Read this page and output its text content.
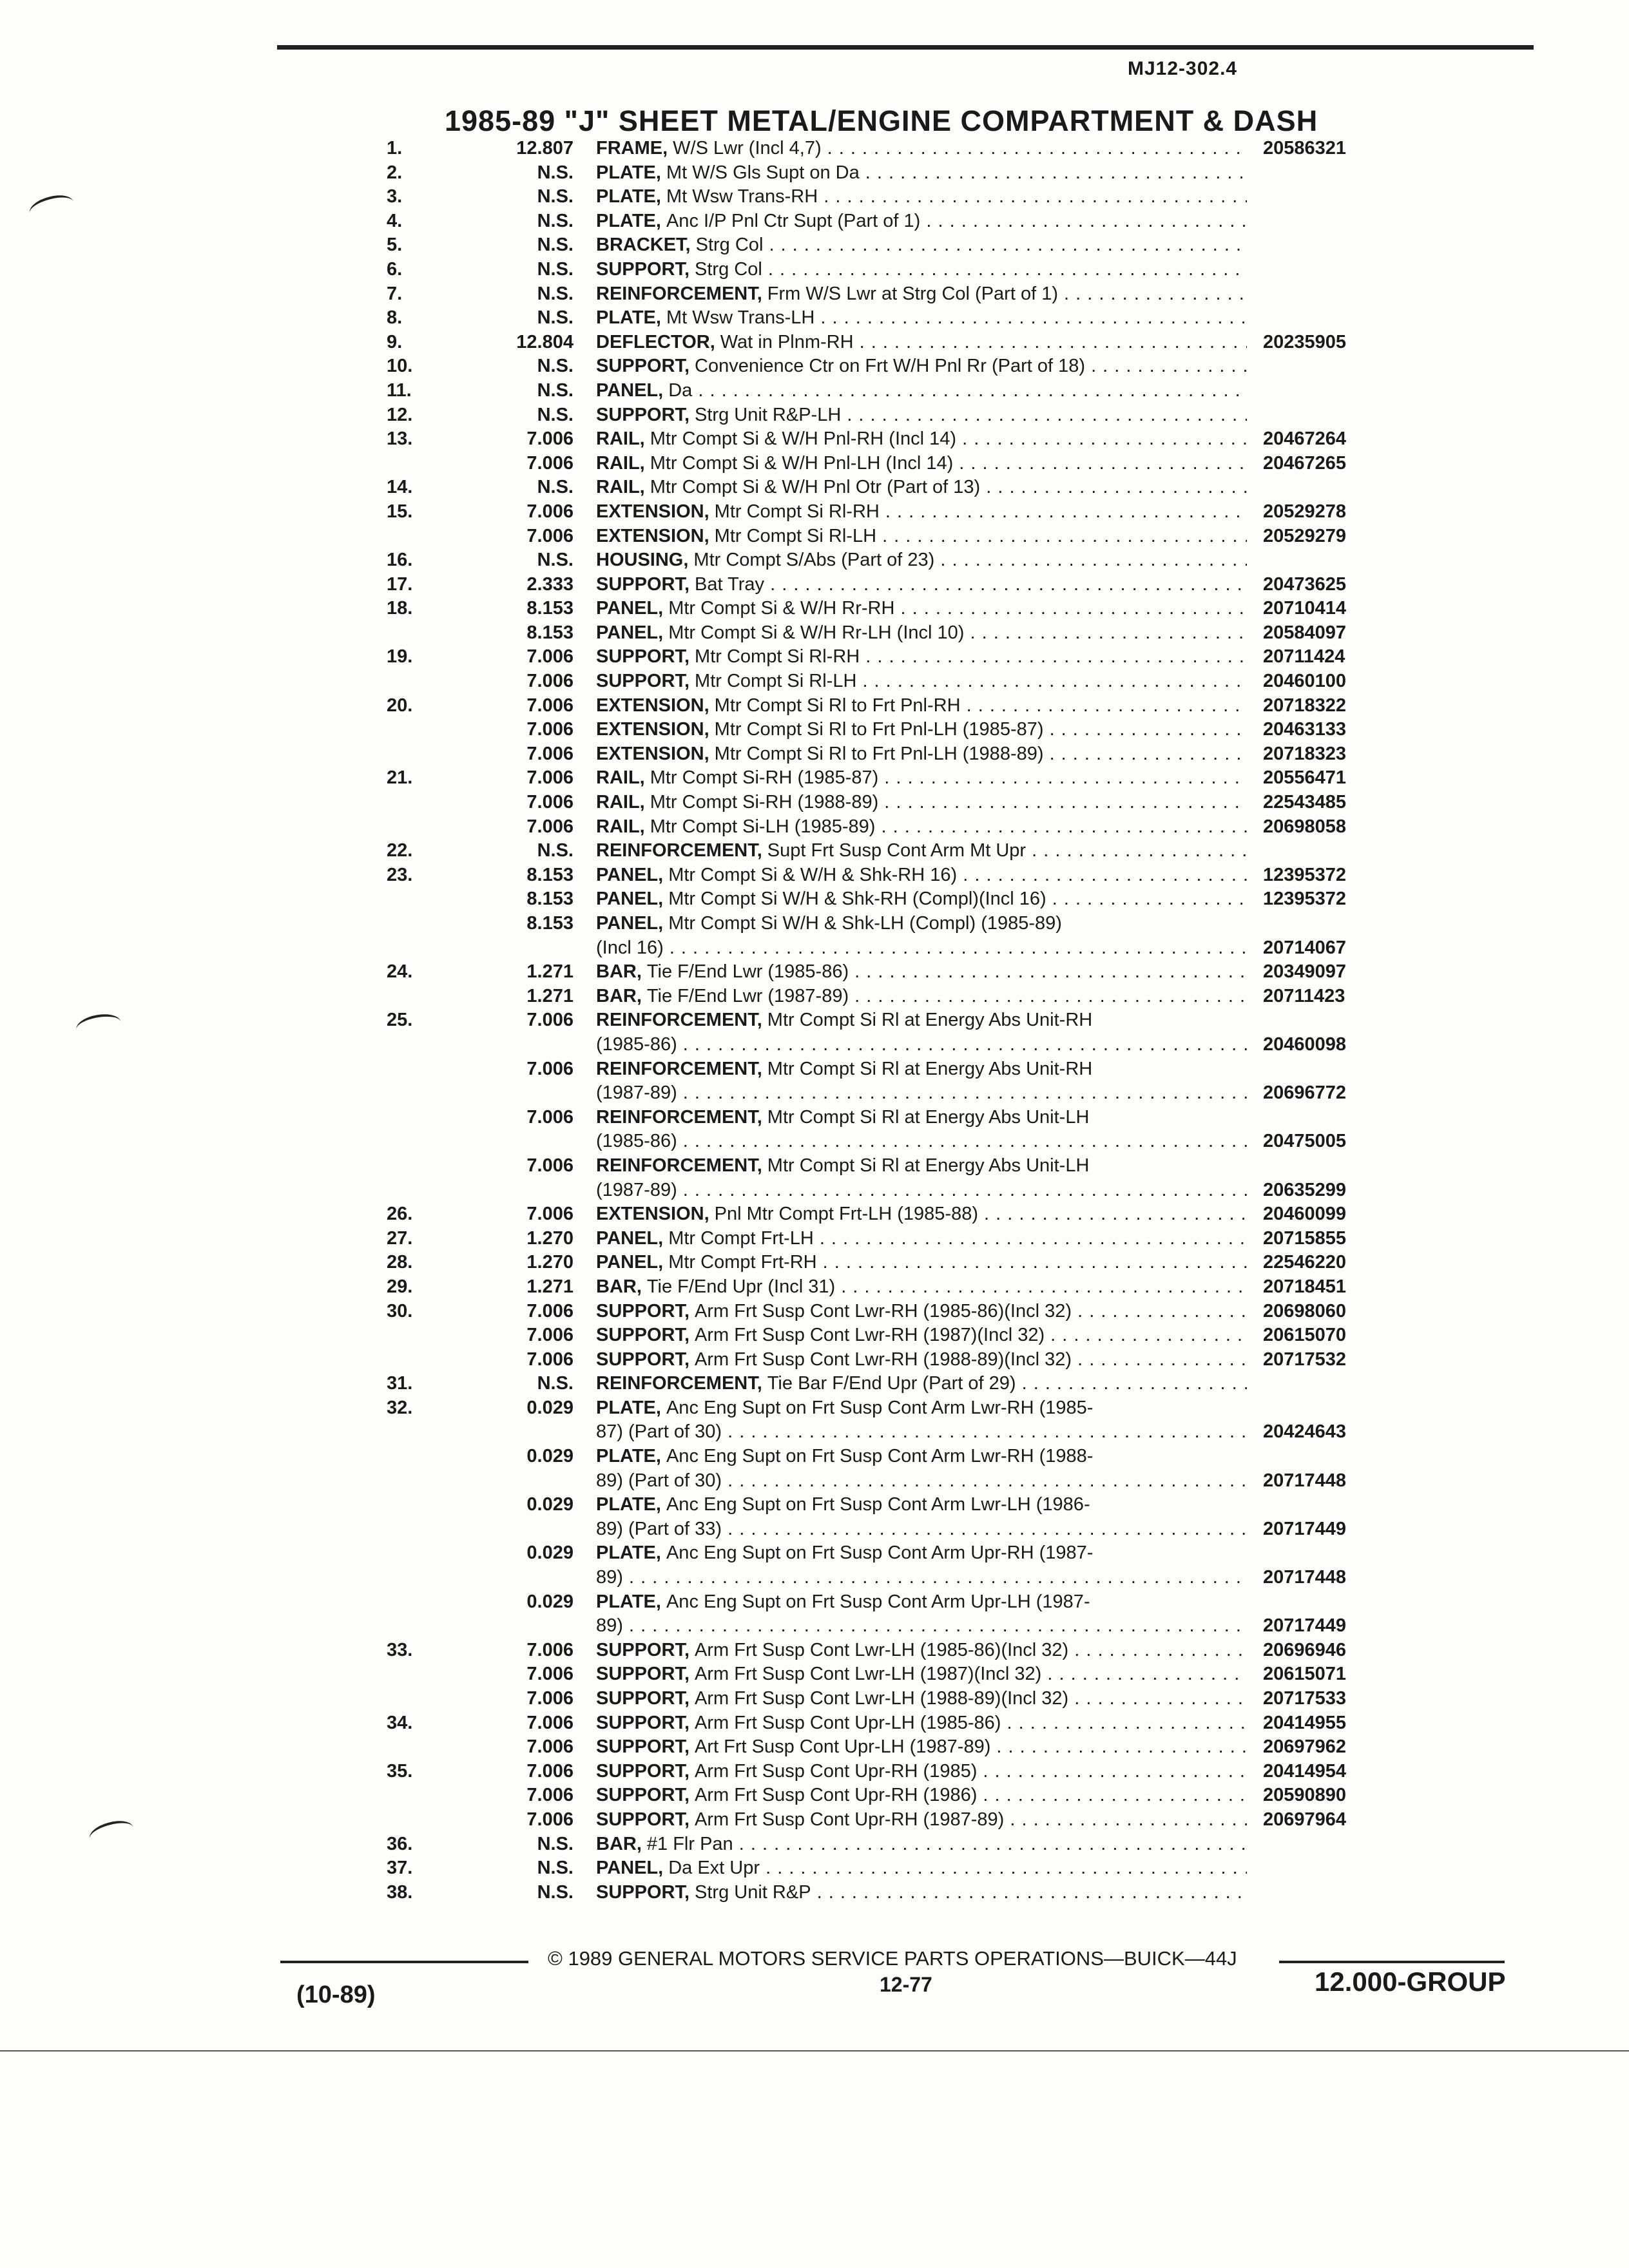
MJ12-302.4
1985-89 "J" SHEET METAL/ENGINE COMPARTMENT & DASH
1.	12.807 FRAME, W/S Lwr (Incl 4,7) . . .	20586321
2.	N.S. PLATE, Mt W/S Gls Supt on Da . . .
3.	N.S. PLATE, Mt Wsw Trans-RH . . .
4.	N.S. PLATE, Anc I/P Pnl Ctr Supt (Part of 1) . . .
5.	N.S. BRACKET, Strg Col . . .
6.	N.S. SUPPORT, Strg Col . . .
7.	N.S. REINFORCEMENT, Frm W/S Lwr at Strg Col (Part of 1) . . .
8.	N.S. PLATE, Mt Wsw Trans-LH . . .
9.	12.804 DEFLECTOR, Wat in Plnm-RH . . .	20235905
10.	N.S. SUPPORT, Convenience Ctr on Frt W/H Pnl Rr (Part of 18) . . .
11.	N.S. PANEL, Da . . .
12.	N.S. SUPPORT, Strg Unit R&P-LH . . .
13.	7.006 RAIL, Mtr Compt Si & W/H Pnl-RH (Incl 14) . . .	20467264
7.006 RAIL, Mtr Compt Si & W/H Pnl-LH (Incl 14) . . .	20467265
14.	N.S. RAIL, Mtr Compt Si & W/H Pnl Otr (Part of 13) . . .
15.	7.006 EXTENSION, Mtr Compt Si Rl-RH . . .	20529278
7.006 EXTENSION, Mtr Compt Si Rl-LH . . .	20529279
16.	N.S. HOUSING, Mtr Compt S/Abs (Part of 23) . . .
17.	2.333 SUPPORT, Bat Tray . . .	20473625
18.	8.153 PANEL, Mtr Compt Si & W/H Rr-RH . . .	20710414
8.153 PANEL, Mtr Compt Si & W/H Rr-LH (Incl 10) . . .	20584097
19.	7.006 SUPPORT, Mtr Compt Si Rl-RH . . .	20711424
7.006 SUPPORT, Mtr Compt Si Rl-LH . . .	20460100
20.	7.006 EXTENSION, Mtr Compt Si Rl to Frt Pnl-RH . . .	20718322
7.006 EXTENSION, Mtr Compt Si Rl to Frt Pnl-LH (1985-87) . . .	20463133
7.006 EXTENSION, Mtr Compt Si Rl to Frt Pnl-LH (1988-89) . . .	20718323
21.	7.006 RAIL, Mtr Compt Si-RH (1985-87) . . .	20556471
7.006 RAIL, Mtr Compt Si-RH (1988-89) . . .	22543485
7.006 RAIL, Mtr Compt Si-LH (1985-89) . . .	20698058
22.	N.S. REINFORCEMENT, Supt Frt Susp Cont Arm Mt Upr . . .
23.	8.153 PANEL, Mtr Compt Si & W/H & Shk-RH 16) . . .	12395372
8.153 PANEL, Mtr Compt Si W/H & Shk-RH (Compl)(Incl 16) . . .	12395372
8.153 PANEL, Mtr Compt Si W/H & Shk-LH (Compl) (1985-89)
(Incl 16) . . .	20714067
24.	1.271 BAR, Tie F/End Lwr (1985-86) . . .	20349097
1.271 BAR, Tie F/End Lwr (1987-89) . . .	20711423
25.	7.006 REINFORCEMENT, Mtr Compt Si Rl at Energy Abs Unit-RH
(1985-86) . . .	20460098
7.006 REINFORCEMENT, Mtr Compt Si Rl at Energy Abs Unit-RH
(1987-89) . . .	20696772
7.006 REINFORCEMENT, Mtr Compt Si Rl at Energy Abs Unit-LH
(1985-86) . . .	20475005
7.006 REINFORCEMENT, Mtr Compt Si Rl at Energy Abs Unit-LH
(1987-89) . . .	20635299
26.	7.006 EXTENSION, Pnl Mtr Compt Frt-LH (1985-88) . . .	20460099
27.	1.270 PANEL, Mtr Compt Frt-LH . . .	20715855
28.	1.270 PANEL, Mtr Compt Frt-RH . . .	22546220
29.	1.271 BAR, Tie F/End Upr (Incl 31) . . .	20718451
30.	7.006 SUPPORT, Arm Frt Susp Cont Lwr-RH (1985-86)(Incl 32) . . .	20698060
7.006 SUPPORT, Arm Frt Susp Cont Lwr-RH (1987)(Incl 32) . . .	20615070
7.006 SUPPORT, Arm Frt Susp Cont Lwr-RH (1988-89)(Incl 32) . . .	20717532
31.	N.S. REINFORCEMENT, Tie Bar F/End Upr (Part of 29) . . .
32.	0.029 PLATE, Anc Eng Supt on Frt Susp Cont Arm Lwr-RH (1985-
87) (Part of 30) . . .	20424643
0.029 PLATE, Anc Eng Supt on Frt Susp Cont Arm Lwr-RH (1988-
89) (Part of 30) . . .	20717448
0.029 PLATE, Anc Eng Supt on Frt Susp Cont Arm Lwr-LH (1986-
89) (Part of 33) . . .	20717449
0.029 PLATE, Anc Eng Supt on Frt Susp Cont Arm Upr-RH (1987-
89) . . .	20717448
0.029 PLATE, Anc Eng Supt on Frt Susp Cont Arm Upr-LH (1987-
89) . . .	20717449
33.	7.006 SUPPORT, Arm Frt Susp Cont Lwr-LH (1985-86)(Incl 32) . . .	20696946
7.006 SUPPORT, Arm Frt Susp Cont Lwr-LH (1987)(Incl 32) . . .	20615071
7.006 SUPPORT, Arm Frt Susp Cont Lwr-LH (1988-89)(Incl 32) . . .	20717533
34.	7.006 SUPPORT, Arm Frt Susp Cont Upr-LH (1985-86) . . .	20414955
7.006 SUPPORT, Art Frt Susp Cont Upr-LH (1987-89) . . .	20697962
35.	7.006 SUPPORT, Arm Frt Susp Cont Upr-RH (1985) . . .	20414954
7.006 SUPPORT, Arm Frt Susp Cont Upr-RH (1986) . . .	20590890
7.006 SUPPORT, Arm Frt Susp Cont Upr-RH (1987-89) . . .	20697964
36.	N.S. BAR, #1 Flr Pan . . .
37.	N.S. PANEL, Da Ext Upr . . .
38.	N.S. SUPPORT, Strg Unit R&P . . .
© 1989 GENERAL MOTORS SERVICE PARTS OPERATIONS—BUICK—44J
12-77
(10-89)	12.000-GROUP
